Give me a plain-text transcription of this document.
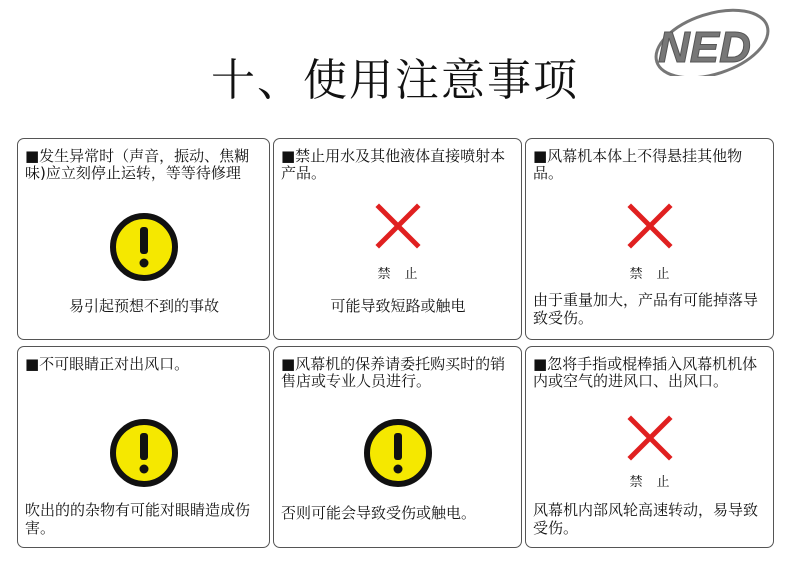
十、使用注意事项
NED
■发生异常时（声音，振动、焦糊味)应立刻停止运转，等等待修理
易引起预想不到的事故
■禁止用水及其他液体直接喷射本产品。
禁止
可能导致短路或触电
■风幕机本体上不得悬挂其他物品。
禁止
由于重量加大，产品有可能掉落导致受伤。
■不可眼睛正对出风口。
吹出的的杂物有可能对眼睛造成伤害。
■风幕机的保养请委托购买时的销售店或专业人员进行。
否则可能会导致受伤或触电。
■忽将手指或棍棒插入风幕机机体内或空气的进风口、出风口。
禁止
风幕机内部风轮高速转动，易导致受伤。
